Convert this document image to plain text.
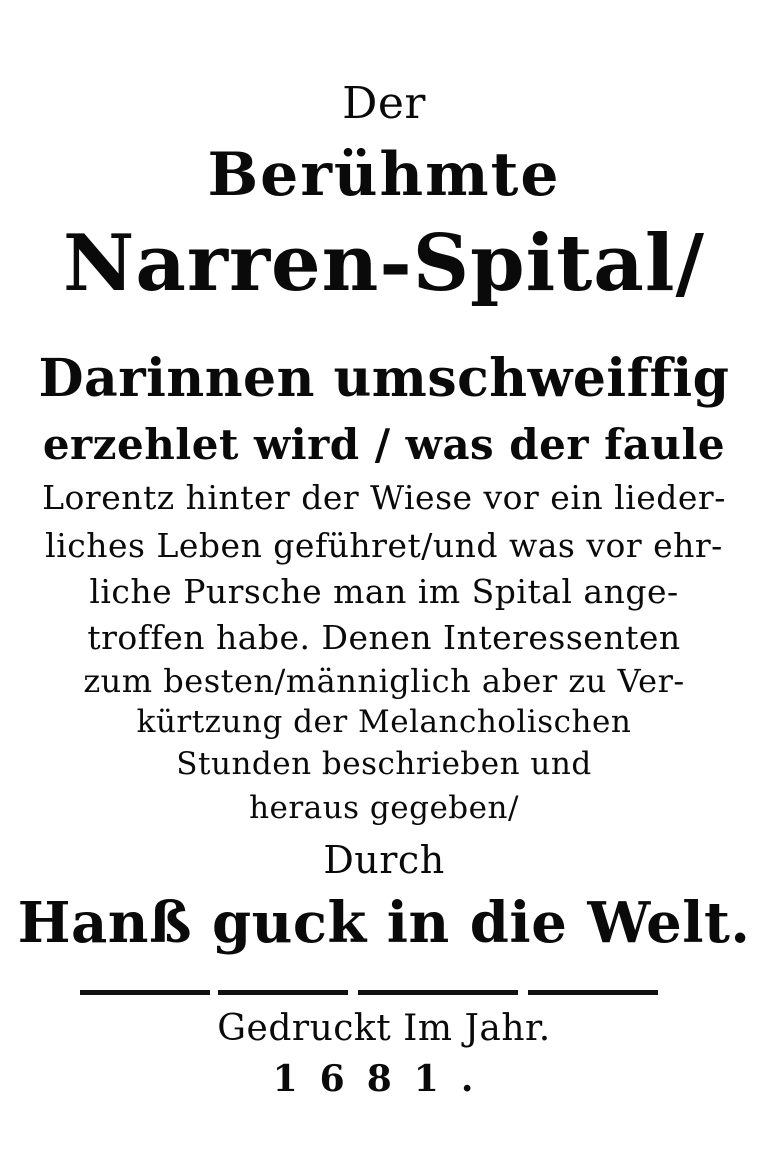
Der
Berühmte
Narren-Spital/
Darinnen umschweiffig
erzehlet wird / was der faule
Lorentz hinter der Wiese vor ein lieder-
liches Leben geführet/und was vor ehr-
liche Pursche man im Spital ange-
troffen habe. Denen Interessenten
zum besten/männiglich aber zu Ver-
kürtzung der Melancholischen
Stunden beschrieben und
heraus gegeben/
Durch
Hanß guck in die Welt.
Gedruckt Im Jahr.
1681.
